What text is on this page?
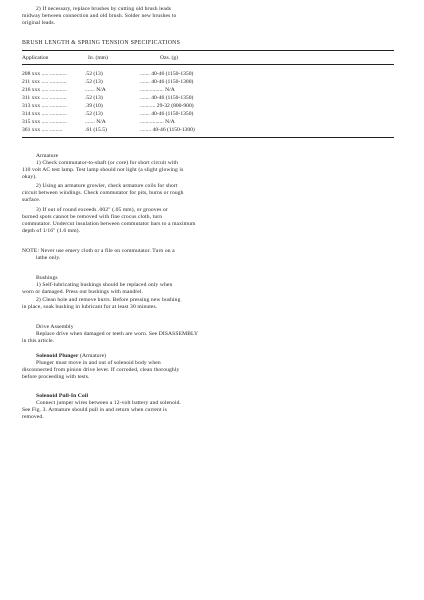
2) If necessary, replace brushes by cutting old brush leads
midway between connection and old brush. Solder new brushes to
original leads.
BRUSH LENGTH & SPRING TENSION SPECIFICATIONS
Application	In. (mm)	Ozs. (g)
208 xxx ..... ............	.52 (13)	....... 40-46 (1150-1350)
211 xxx ..... ............	.52 (13)	....... 40-46 (1150-1300)
216 xxx ..... ............	....... N/A	................. N/A
311 xxx ..... ............	.52 (13)	....... 40-46 (1150-1350)
313 xxx ..... ............	.39 (10)	........... 29-32 (800-900)
314 xxx ..... ............	.52 (13)	....... 40-46 (1150-1350)
315 xxx ..... ............	....... N/A	................. N/A
361 xxx ..... .........	.61 (15.5)	........ 40-46 (1150-1300)
Armature
1) Check commutator-to-shaft (or core) for short circuit with
110 volt AC test lamp. Test lamp should not light (a slight glowing is
okay).
2) Using an armature growler, check armature coils for short
circuit between windings. Check commutator for pits, burns or rough
surface.
3) If out of round exceeds .002" (.05 mm), or grooves or
burned spots cannot be removed with fine crocus cloth, turn
commutator. Undercut insulation between commutator bars to a maximum
depth of 1/16" (1.6 mm).
NOTE: Never use emery cloth or a file on commutator. Turn on a
lathe only.
Bushings
1) Self-lubricating bushings should be replaced only when
worn or damaged. Press out bushings with mandrel.
2) Clean hole and remove burrs. Before pressing new bushing
in place, soak bushing in lubricant for at least 30 minutes.
Drive Assembly
Replace drive when damaged or teeth are worn. See DISASSEMBLY
in this article.
Solenoid Plunger (Armature)
Plunger must move in and out of solenoid body when
disconnected from pinion drive lever. If corroded, clean thoroughly
before proceeding with tests.
Solenoid Pull-In Coil
Connect jumper wires between a 12-volt battery and solenoid.
See Fig. 3. Armature should pull in and return when current is
removed.
